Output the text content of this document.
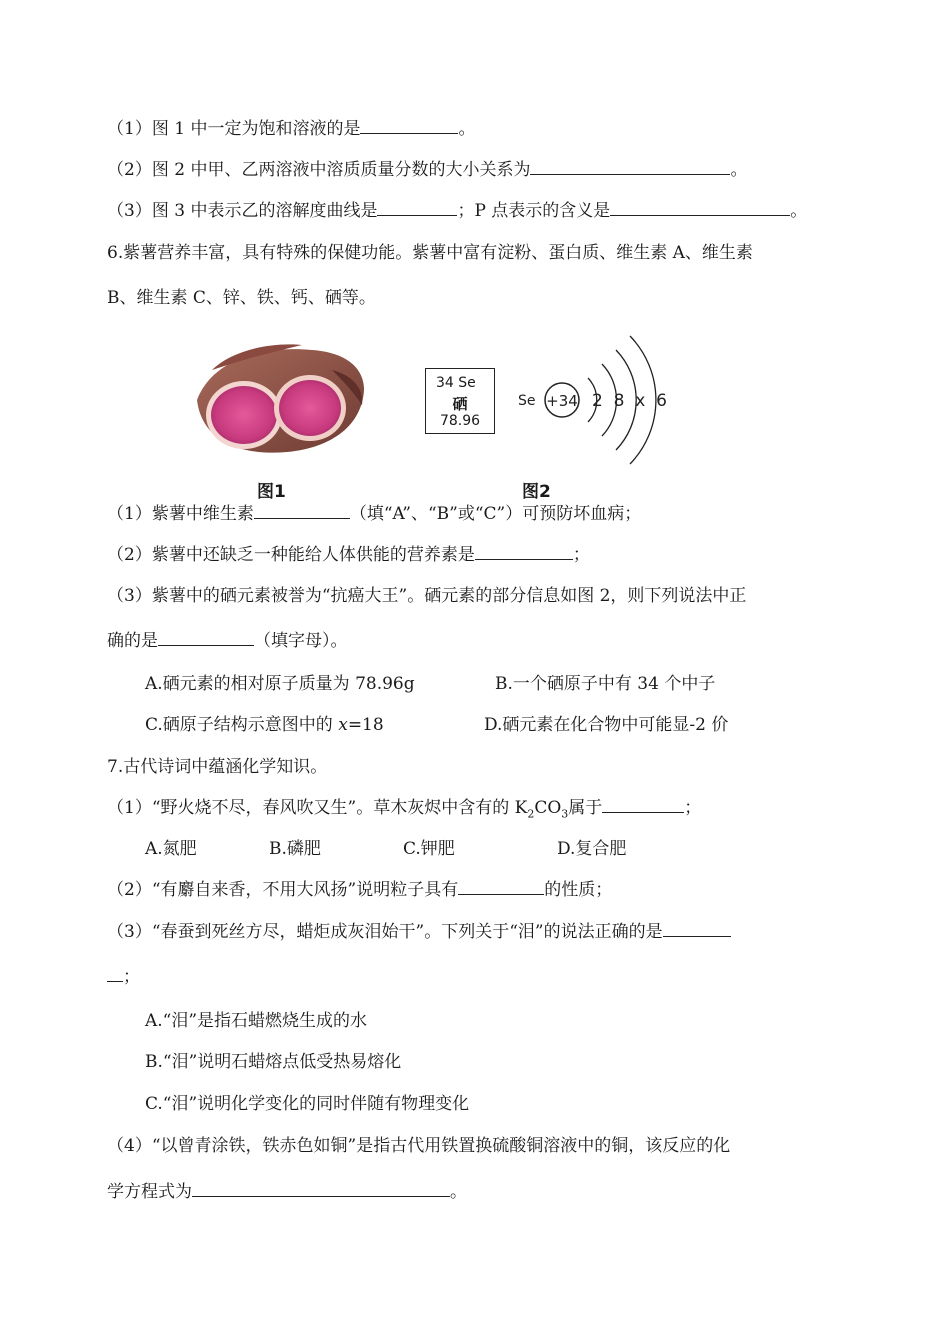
（1）图 1 中一定为饱和溶液的是	。
（2）图 2 中甲、乙两溶液中溶质质量分数的大小关系为	。
（3）图 3 中表示乙的溶解度曲线是	；P 点表示的含义是	。
6.紫薯营养丰富，具有特殊的保健功能。紫薯中富有淀粉、蛋白质、维生素 A、维生素
B、维生素 C、锌、铁、钙、硒等。
图1
34 Se
硒
78.96
Se +34 2  8  x  6
图2
（1）紫薯中维生素	（填“A”、“B”或“C”）可预防坏血病；
（2）紫薯中还缺乏一种能给人体供能的营养素是	；
（3）紫薯中的硒元素被誉为“抗癌大王”。硒元素的部分信息如图 2，则下列说法中正
确的是	（填字母）。
A.硒元素的相对原子质量为 78.96g	B.一个硒原子中有 34 个中子
C.硒原子结构示意图中的 x=18	D.硒元素在化合物中可能显-2 价
7.古代诗词中蕴涵化学知识。
（1）“野火烧不尽，春风吹又生”。草木灰烬中含有的 $K_2CO_3$属于	；
A.氮肥	B.磷肥	C.钾肥	D.复合肥
（2）“有麝自来香，不用大风扬”说明粒子具有	的性质；
（3）“春蚕到死丝方尽，蜡炬成灰泪始干”。下列关于“泪”的说法正确的是
；
A.“泪”是指石蜡燃烧生成的水
B.“泪”说明石蜡熔点低受热易熔化
C.“泪”说明化学变化的同时伴随有物理变化
（4）“以曾青涂铁，铁赤色如铜”是指古代用铁置换硫酸铜溶液中的铜，该反应的化
学方程式为	。
